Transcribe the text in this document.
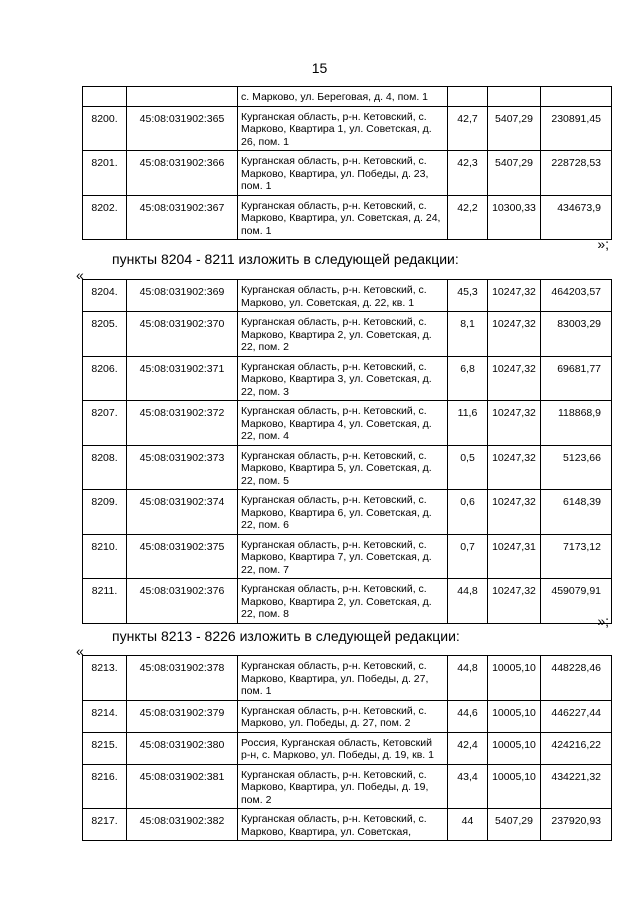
15
		с. Марково, ул. Береговая, д. 4, пом. 1			
8200.	45:08:031902:365	Курганская область, р-н. Кетовский, с. Марково, Квартира 1, ул. Советская, д. 26, пом. 1	42,7	5407,29	230891,45
8201.	45:08:031902:366	Курганская область, р-н. Кетовский, с. Марково, Квартира, ул. Победы, д. 23, пом. 1	42,3	5407,29	228728,53
8202.	45:08:031902:367	Курганская область, р-н. Кетовский, с. Марково, Квартира, ул. Советская, д. 24, пом. 1	42,2	10300,33	434673,9
»;
пункты 8204 - 8211 изложить в следующей редакции:
«
8204.	45:08:031902:369	Курганская область, р-н. Кетовский, с. Марково, ул. Советская, д. 22, кв. 1	45,3	10247,32	464203,57
8205.	45:08:031902:370	Курганская область, р-н. Кетовский, с. Марково, Квартира 2, ул. Советская, д. 22, пом. 2	8,1	10247,32	83003,29
8206.	45:08:031902:371	Курганская область, р-н. Кетовский, с. Марково, Квартира 3, ул. Советская, д. 22, пом. 3	6,8	10247,32	69681,77
8207.	45:08:031902:372	Курганская область, р-н. Кетовский, с. Марково, Квартира 4, ул. Советская, д. 22, пом. 4	11,6	10247,32	118868,9
8208.	45:08:031902:373	Курганская область, р-н. Кетовский, с. Марково, Квартира 5, ул. Советская, д. 22, пом. 5	0,5	10247,32	5123,66
8209.	45:08:031902:374	Курганская область, р-н. Кетовский, с. Марково, Квартира 6, ул. Советская, д. 22, пом. 6	0,6	10247,32	6148,39
8210.	45:08:031902:375	Курганская область, р-н. Кетовский, с. Марково, Квартира 7, ул. Советская, д. 22, пом. 7	0,7	10247,31	7173,12
8211.	45:08:031902:376	Курганская область, р-н. Кетовский, с. Марково, Квартира 2, ул. Советская, д. 22, пом. 8	44,8	10247,32	459079,91
»;
пункты 8213 - 8226 изложить в следующей редакции:
«
8213.	45:08:031902:378	Курганская область, р-н. Кетовский, с. Марково, Квартира, ул. Победы, д. 27, пом. 1	44,8	10005,10	448228,46
8214.	45:08:031902:379	Курганская область, р-н. Кетовский, с. Марково, ул. Победы, д. 27, пом. 2	44,6	10005,10	446227,44
8215.	45:08:031902:380	Россия, Курганская область, Кетовский р-н, с. Марково, ул. Победы, д. 19, кв. 1	42,4	10005,10	424216,22
8216.	45:08:031902:381	Курганская область, р-н. Кетовский, с. Марково, Квартира, ул. Победы, д. 19, пом. 2	43,4	10005,10	434221,32
8217.	45:08:031902:382	Курганская область, р-н. Кетовский, с. Марково, Квартира, ул. Советская,	44	5407,29	237920,93
